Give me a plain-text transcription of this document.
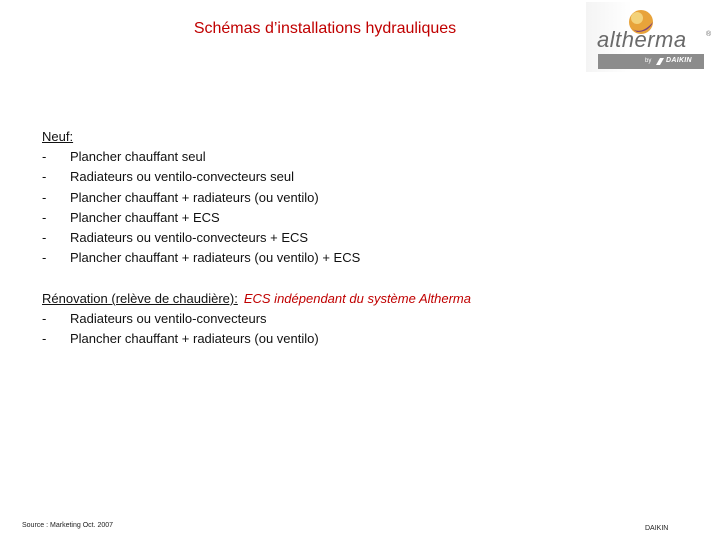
Schémas d’installations hydrauliques	altherma	®
by DAIKIN
Neuf:
- Plancher chauffant seul
- Radiateurs ou ventilo-convecteurs seul
- Plancher chauffant + radiateurs (ou ventilo)
- Plancher chauffant + ECS
- Radiateurs ou ventilo-convecteurs + ECS
- Plancher chauffant + radiateurs (ou ventilo) + ECS
Rénovation (relève de chaudière): ECS indépendant du système Altherma
- Radiateurs ou ventilo-convecteurs
- Plancher chauffant + radiateurs (ou ventilo)
Source : Marketing Oct. 2007	DAIKIN
